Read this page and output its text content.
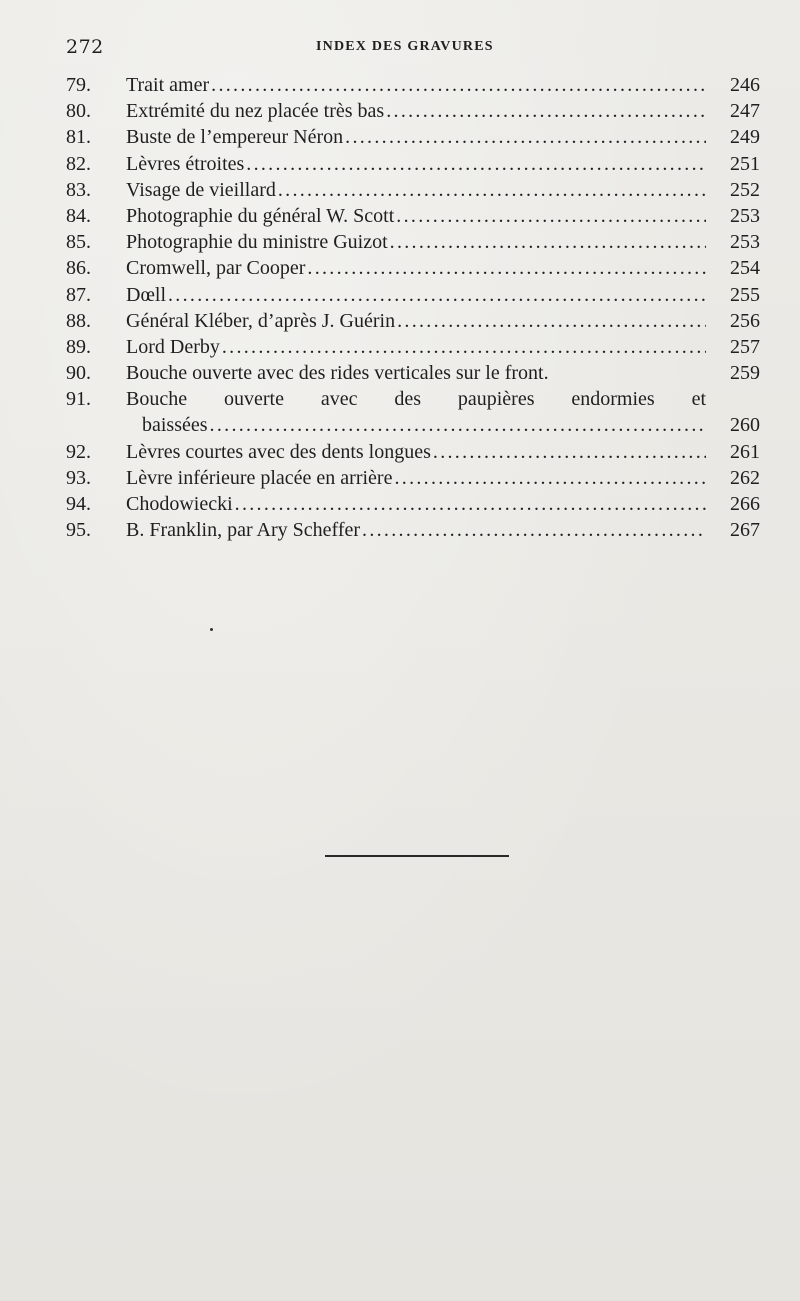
272	INDEX DES GRAVURES
79.	Trait amer .....	246
80.	Extrémité du nez placée très bas .....	247
81.	Buste de l’empereur Néron .....	249
82.	Lèvres étroites .....	251
83.	Visage de vieillard .....	252
84.	Photographie du général W. Scott .....	253
85.	Photographie du ministre Guizot .....	253
86.	Cromwell, par Cooper .....	254
87.	Dœll .....	255
88.	Général Kléber, d’après J. Guérin .....	256
89.	Lord Derby .....	257
90.	Bouche ouverte avec des rides verticales sur le front.	259
91.	Bouche ouverte avec des paupières endormies et
baissées .....	260
92.	Lèvres courtes avec des dents longues .....	261
93.	Lèvre inférieure placée en arrière .....	262
94.	Chodowiecki .....	266
95.	B. Franklin, par Ary Scheffer .....	267
